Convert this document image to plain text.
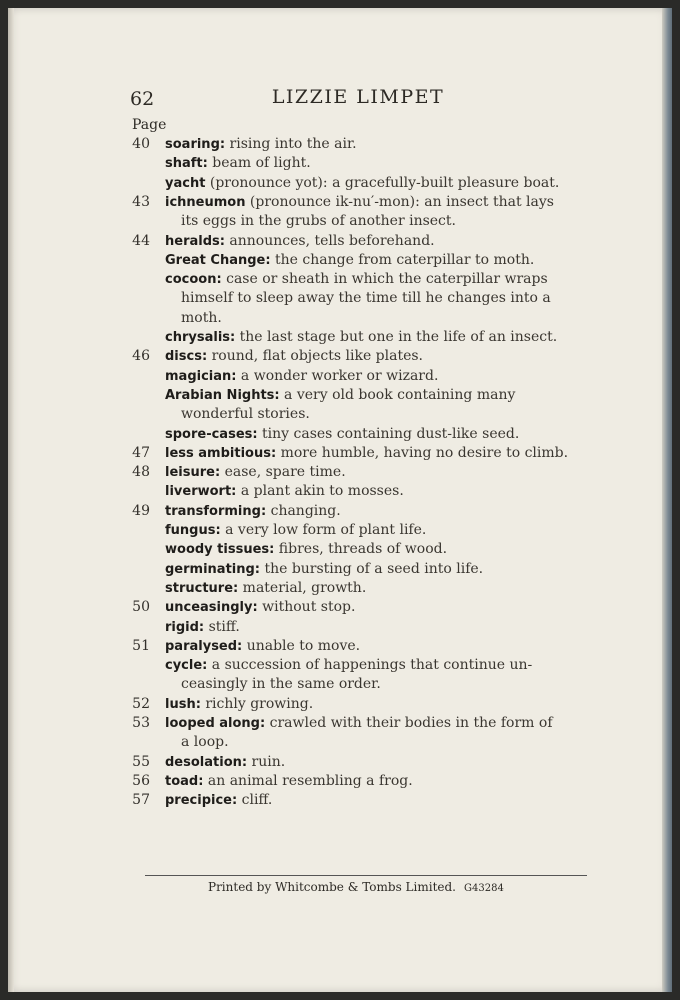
62	LIZZIE LIMPET
Page
40 soaring: rising into the air.
shaft: beam of light.
yacht (pronounce yot): a gracefully-built pleasure boat.
43 ichneumon (pronounce ik-nu′-mon): an insect that lays
its eggs in the grubs of another insect.
44 heralds: announces, tells beforehand.
Great Change: the change from caterpillar to moth.
cocoon: case or sheath in which the caterpillar wraps
himself to sleep away the time till he changes into a
moth.
chrysalis: the last stage but one in the life of an insect.
46 discs: round, flat objects like plates.
magician: a wonder worker or wizard.
Arabian Nights: a very old book containing many
wonderful stories.
spore-cases: tiny cases containing dust-like seed.
47 less ambitious: more humble, having no desire to climb.
48 leisure: ease, spare time.
liverwort: a plant akin to mosses.
49 transforming: changing.
fungus: a very low form of plant life.
woody tissues: fibres, threads of wood.
germinating: the bursting of a seed into life.
structure: material, growth.
50 unceasingly: without stop.
rigid: stiff.
51 paralysed: unable to move.
cycle: a succession of happenings that continue un-
ceasingly in the same order.
52 lush: richly growing.
53 looped along: crawled with their bodies in the form of
a loop.
55 desolation: ruin.
56 toad: an animal resembling a frog.
57 precipice: cliff.
Printed by Whitcombe & Tombs Limited. G43284
